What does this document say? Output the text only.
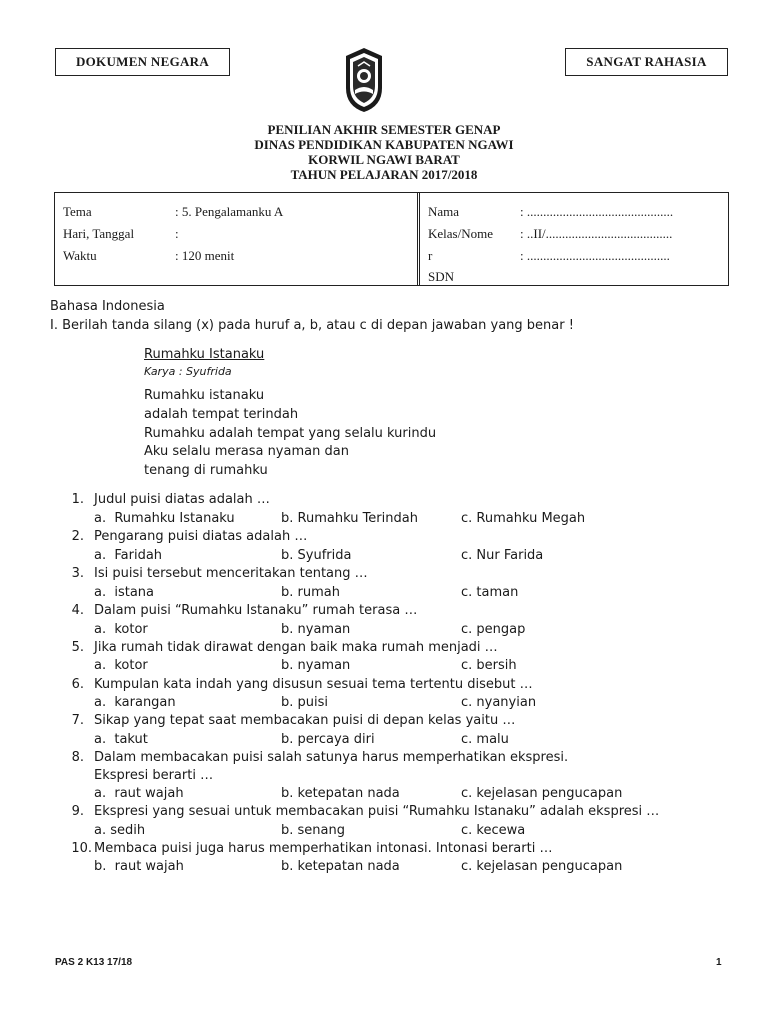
DOKUMEN NEGARA	SANGAT RAHASIA
PENILIAN AKHIR SEMESTER GENAP
DINAS PENDIDIKAN KABUPATEN NGAWI
KORWIL NGAWI BARAT
TAHUN PELAJARAN 2017/2018
Tema	: 5. Pengalamanku A
Hari, Tanggal	:
Waktu	: 120 menit
Nama	: .............................................
Kelas/Nome : ..II/.......................................
r	: ............................................
SDN
Bahasa Indonesia
I. Berilah tanda silang (x) pada huruf a, b, atau c di depan jawaban yang benar !
Rumahku Istanaku
Karya : Syufrida
Rumahku istanaku
adalah tempat terindah
Rumahku adalah tempat yang selalu kurindu
Aku selalu merasa nyaman dan
tenang di rumahku
1. Judul puisi diatas adalah …
a.  Rumahku Istanaku	b. Rumahku Terindah	c. Rumahku Megah
2. Pengarang puisi diatas adalah …
a.  Faridah	b. Syufrida	c. Nur Farida
3. Isi puisi tersebut menceritakan tentang …
a.  istana	b. rumah	c. taman
4. Dalam puisi “Rumahku Istanaku” rumah terasa …
a.  kotor	b. nyaman	c. pengap
5. Jika rumah tidak dirawat dengan baik maka rumah menjadi …
a.  kotor	b. nyaman	c. bersih
6. Kumpulan kata indah yang disusun sesuai tema tertentu disebut …
a.  karangan	b. puisi	c. nyanyian
7. Sikap yang tepat saat membacakan puisi di depan kelas yaitu …
a.  takut	b. percaya diri	c. malu
8. Dalam membacakan puisi salah satunya harus memperhatikan ekspresi.
Ekspresi berarti …
a.  raut wajah	b. ketepatan nada	c. kejelasan pengucapan
9. Ekspresi yang sesuai untuk membacakan puisi “Rumahku Istanaku” adalah ekspresi …
a. sedih	b. senang	c. kecewa
10. Membaca puisi juga harus memperhatikan intonasi. Intonasi berarti …
b.  raut wajah	b. ketepatan nada	c. kejelasan pengucapan
PAS 2 K13 17/18	1
